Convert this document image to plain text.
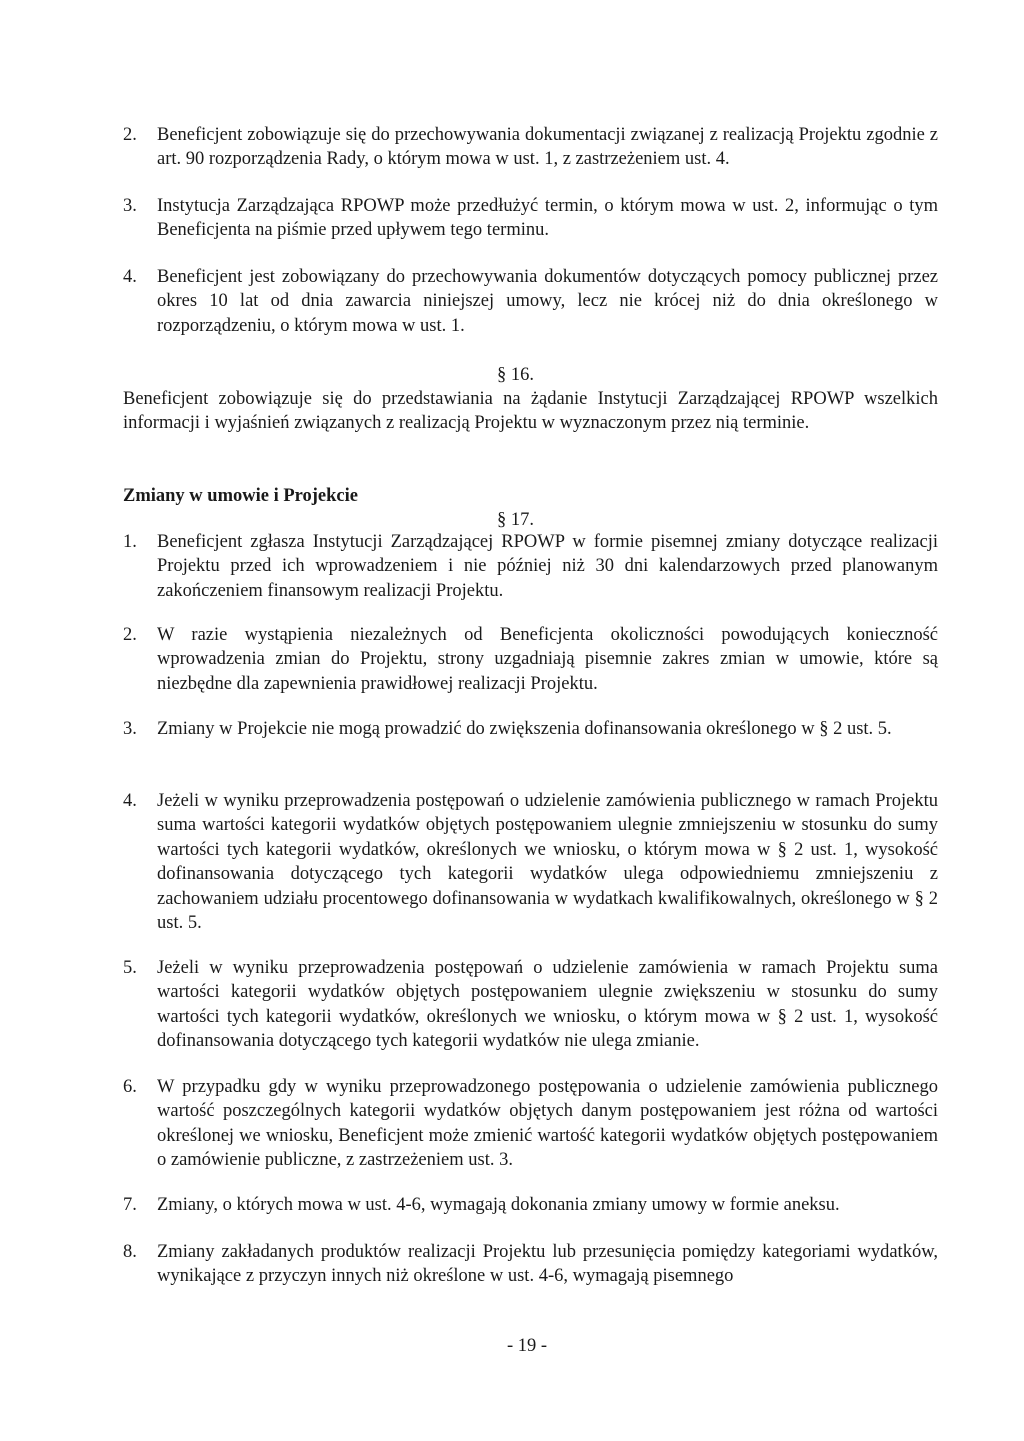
2.	Beneficjent zobowiązuje się do przechowywania dokumentacji związanej z realizacją Projektu zgodnie z art. 90 rozporządzenia Rady, o którym mowa w ust. 1, z zastrzeżeniem ust. 4.
3.	Instytucja Zarządzająca RPOWP może przedłużyć termin, o którym mowa w ust. 2, informując o tym Beneficjenta na piśmie przed upływem tego terminu.
4.	Beneficjent jest zobowiązany do przechowywania dokumentów dotyczących pomocy publicznej przez okres 10 lat od dnia zawarcia niniejszej umowy, lecz nie krócej niż do dnia określonego w rozporządzeniu, o którym mowa w ust. 1.
§ 16.
Beneficjent zobowiązuje się do przedstawiania na żądanie Instytucji Zarządzającej RPOWP wszelkich informacji i wyjaśnień związanych z realizacją Projektu w wyznaczonym przez nią terminie.
Zmiany w umowie i Projekcie
§ 17.
1.	Beneficjent zgłasza Instytucji Zarządzającej RPOWP w formie pisemnej zmiany dotyczące realizacji Projektu przed ich wprowadzeniem i nie później niż 30 dni kalendarzowych przed planowanym zakończeniem finansowym realizacji Projektu.
2.	W razie wystąpienia niezależnych od Beneficjenta okoliczności powodujących konieczność wprowadzenia zmian do Projektu, strony uzgadniają pisemnie zakres zmian w umowie, które są niezbędne dla zapewnienia prawidłowej realizacji Projektu.
3.	Zmiany w Projekcie nie mogą prowadzić do zwiększenia dofinansowania określonego w § 2 ust. 5.
4.	Jeżeli w wyniku przeprowadzenia postępowań o udzielenie zamówienia publicznego w ramach Projektu suma wartości kategorii wydatków objętych postępowaniem ulegnie zmniejszeniu w stosunku do sumy wartości tych kategorii wydatków, określonych we wniosku, o którym mowa w § 2 ust. 1, wysokość dofinansowania dotyczącego tych kategorii wydatków ulega odpowiedniemu zmniejszeniu z zachowaniem udziału procentowego dofinansowania w wydatkach kwalifikowalnych, określonego w § 2 ust. 5.
5.	Jeżeli w wyniku przeprowadzenia postępowań o udzielenie zamówienia w ramach Projektu suma wartości kategorii wydatków objętych postępowaniem ulegnie zwiększeniu w stosunku do sumy wartości tych kategorii wydatków, określonych we wniosku, o którym mowa w § 2 ust. 1, wysokość dofinansowania dotyczącego tych kategorii wydatków nie ulega zmianie.
6.	W przypadku gdy w wyniku przeprowadzonego postępowania o udzielenie zamówienia publicznego wartość poszczególnych kategorii wydatków objętych danym postępowaniem jest różna od wartości określonej we wniosku, Beneficjent może zmienić wartość kategorii wydatków objętych postępowaniem o zamówienie publiczne, z zastrzeżeniem ust. 3.
7.	Zmiany, o których mowa w ust. 4-6, wymagają dokonania zmiany umowy w formie aneksu.
8.	Zmiany zakładanych produktów realizacji Projektu lub przesunięcia pomiędzy kategoriami wydatków, wynikające z przyczyn innych niż określone w ust. 4-6, wymagają pisemnego
- 19 -
